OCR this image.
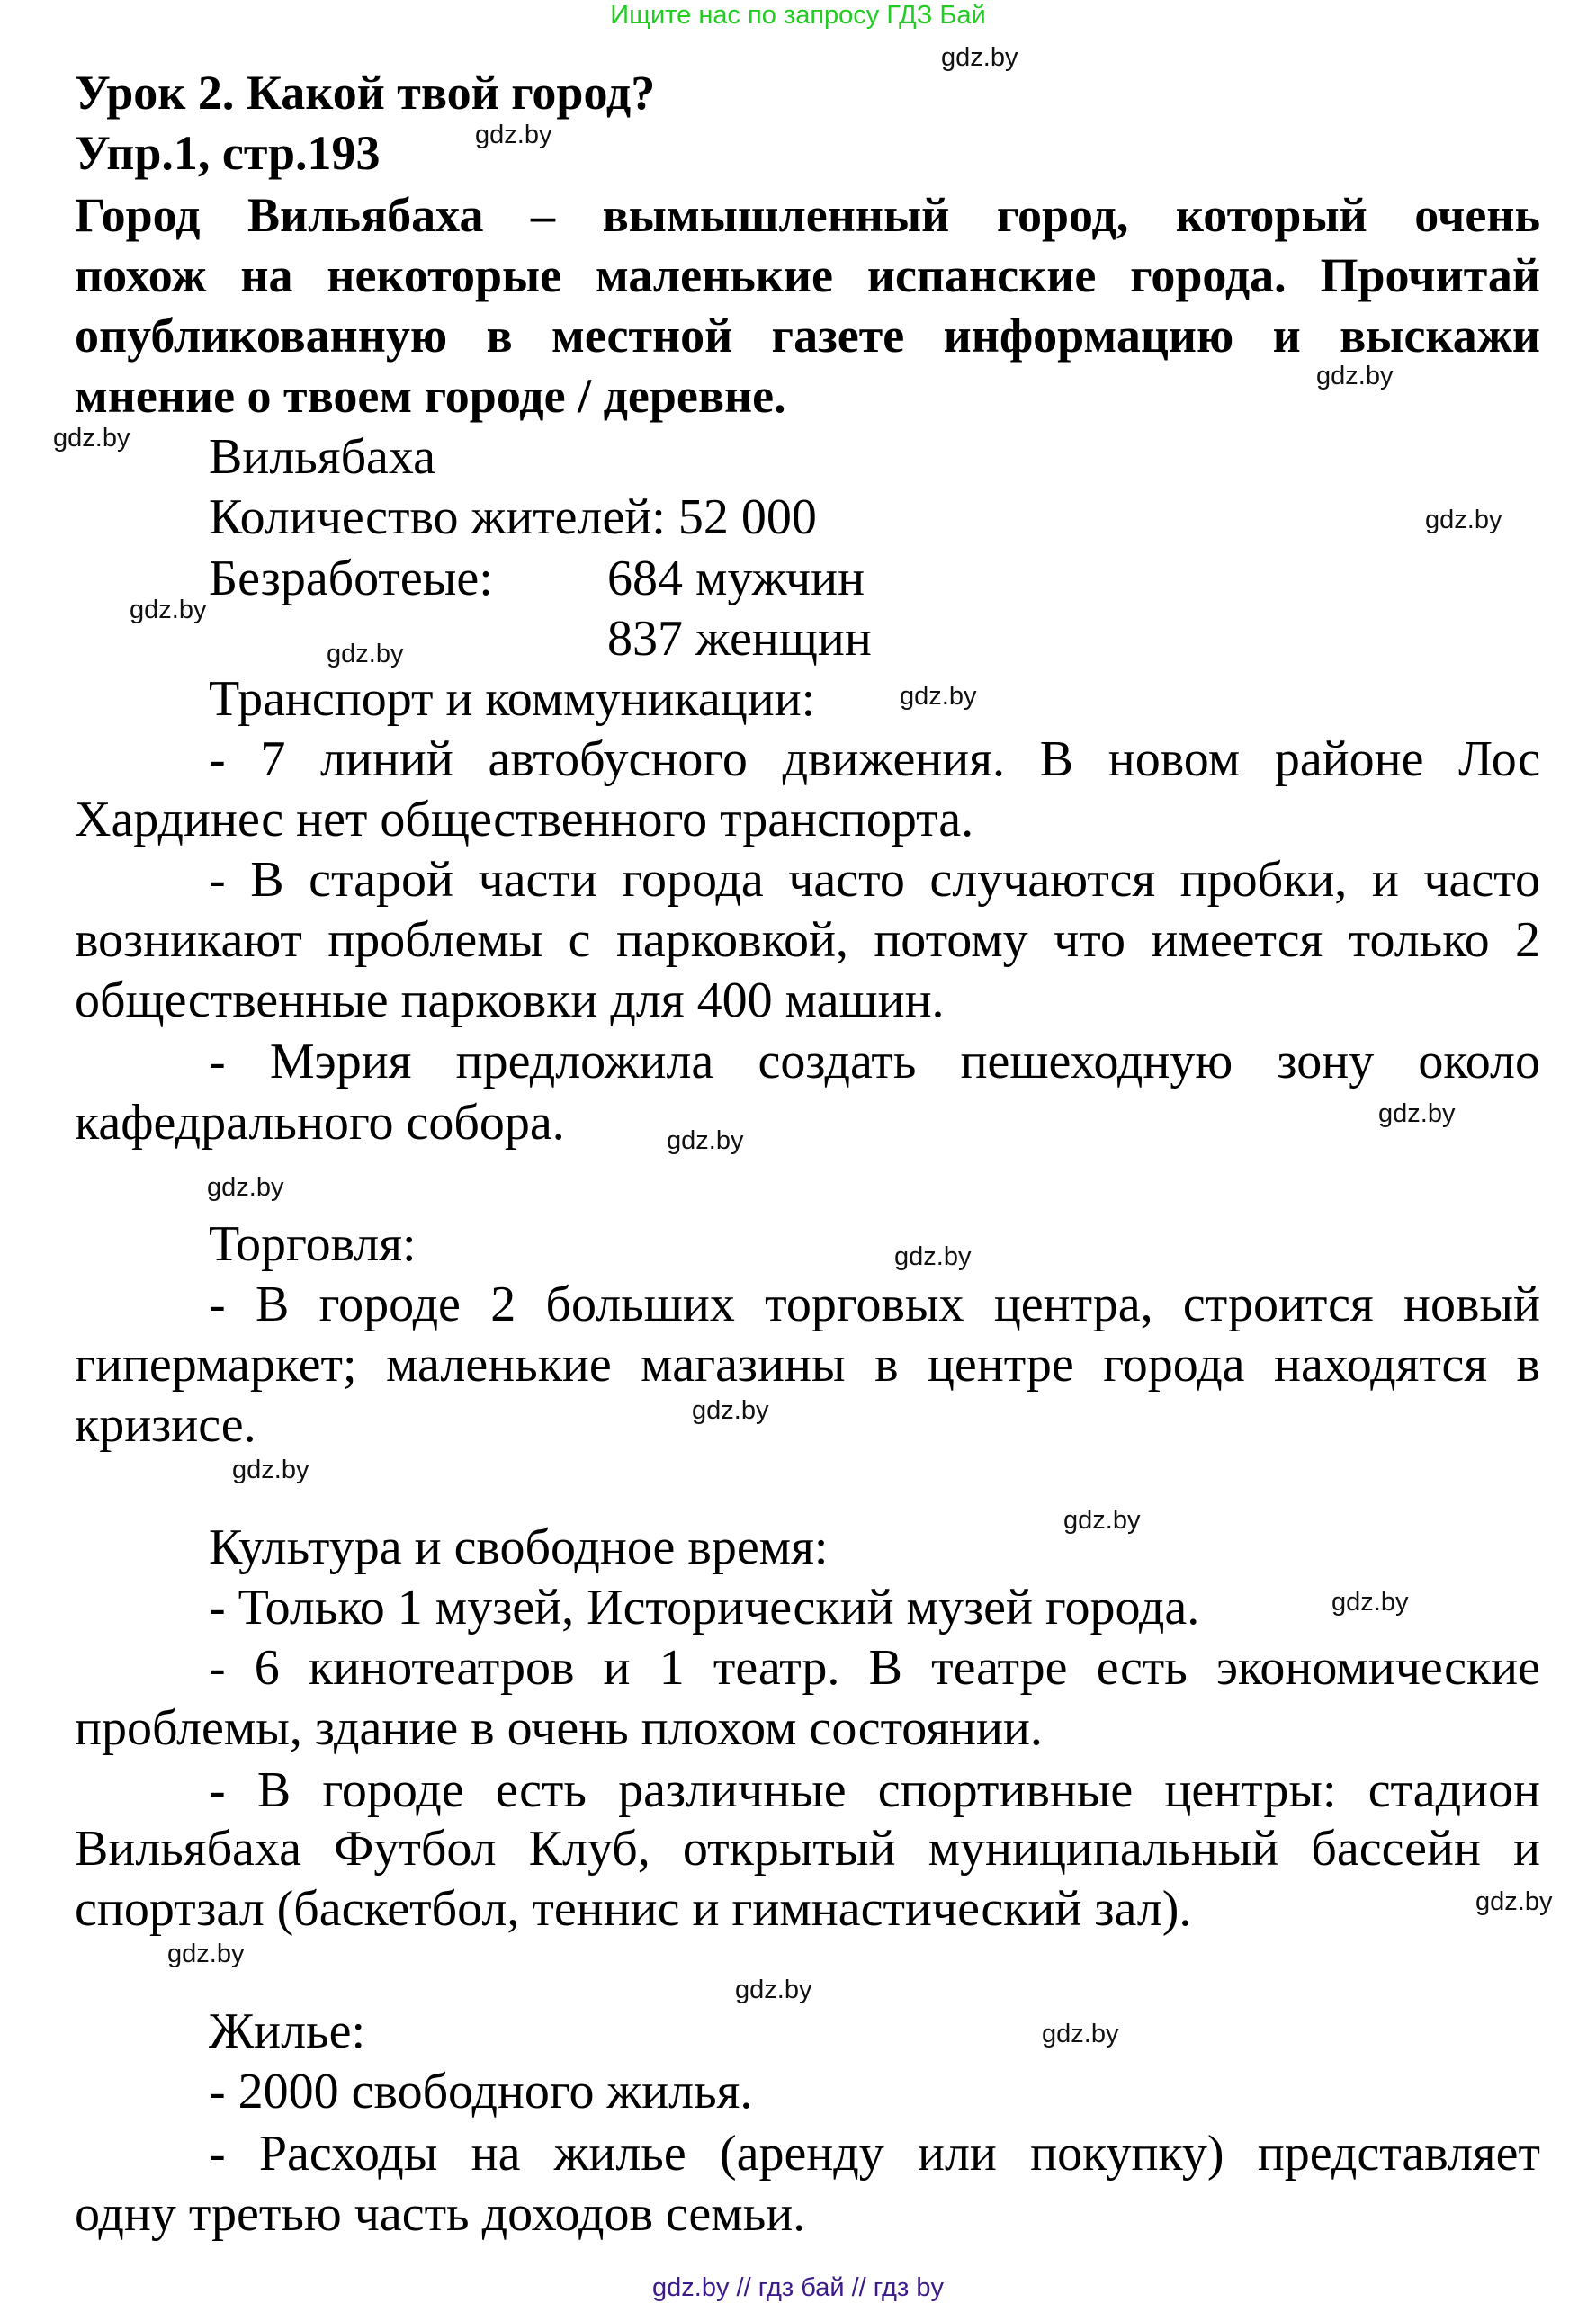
Ищите нас по запросу ГДЗ Бай
Урок 2. Какой твой город?
Упр.1, стр.193
Город Вильябаха – вымышленный город, который очень
похож на некоторые маленькие испанские города. Прочитай
опубликованную в местной газете информацию и выскажи
мнение о твоем городе / деревне.
Вильябаха
Количество жителей: 52 000
Безработеые: 684 мужчин
837 женщин
Транспорт и коммуникации:
- 7 линий автобусного движения. В новом районе Лос
Хардинес нет общественного транспорта.
- В старой части города часто случаются пробки, и часто
возникают проблемы с парковкой, потому что имеется только 2
общественные парковки для 400 машин.
- Мэрия предложила создать пешеходную зону около
кафедрального собора.
Торговля:
- В городе 2 больших торговых центра, строится новый
гипермаркет; маленькие магазины в центре города находятся в
кризисе.
Культура и свободное время:
- Только 1 музей, Исторический музей города.
- 6 кинотеатров и 1 театр. В театре есть экономические
проблемы, здание в очень плохом состоянии.
- В городе есть различные спортивные центры: стадион
Вильябаха Футбол Клуб, открытый муниципальный бассейн и
спортзал (баскетбол, теннис и гимнастический зал).
Жилье:
- 2000 свободного жилья.
- Расходы на жилье (аренду или покупку) представляет
одну третью часть доходов семьи.
gdz.by
gdz.by
gdz.by
gdz.by
gdz.by
gdz.by
gdz.by
gdz.by
gdz.by
gdz.by
gdz.by
gdz.by
gdz.by
gdz.by
gdz.by
gdz.by
gdz.by
gdz.by
gdz.by
gdz.by
gdz.by // гдз бай // гдз by
